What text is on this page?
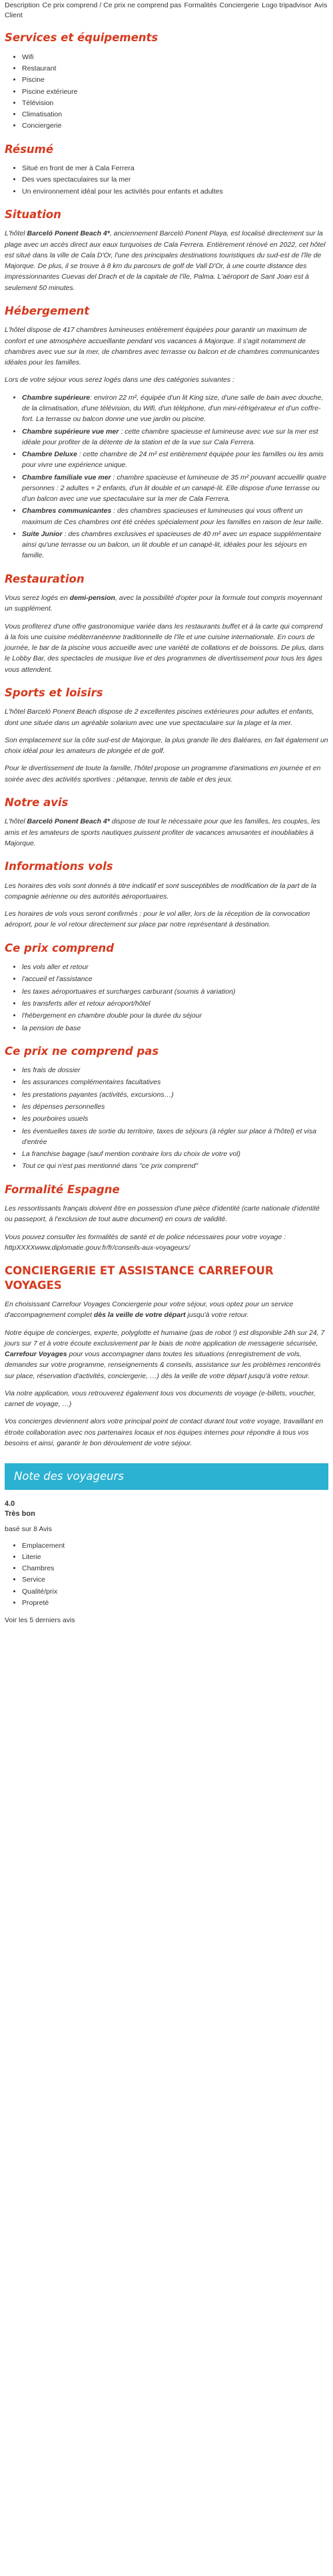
Description Ce prix comprend / Ce prix ne comprend pas Formalités Conciergerie Logo tripadvisor Avis Client
Services et équipements
• Wifi
• Restaurant
• Piscine
• Piscine extérieure
• Télévision
• Climatisation
• Conciergerie
Résumé
• Situé en front de mer à Cala Ferrera
• Des vues spectaculaires sur la mer
• Un environnement idéal pour les activités pour enfants et adultes
Situation

L'hôtel Barceló Ponent Beach 4*, anciennement Barceló Ponent Playa, est localisé directement sur la plage avec un accès direct aux eaux turquoises de Cala Ferrera. Entièrement rénové en 2022, cet hôtel est situé dans la ville de Cala D'Or, l'une des principales destinations touristiques du sud-est de l'île de Majorque. De plus, il se trouve à 8 km du parcours de golf de Vall D'Or, à une courte distance des impressionnantes Cuevas del Drach et de la capitale de l'île, Palma. L'aéroport de Sant Joan est à seulement 50 minutes.

Hébergement

L'hôtel dispose de 417 chambres lumineuses entièrement équipées pour garantir un maximum de confort et une atmosphère accueillante pendant vos vacances à Majorque. Il s'agit notamment de chambres avec vue sur la mer, de chambres avec terrasse ou balcon et de chambres communicantes idéales pour les familles.

Lors de votre séjour vous serez logés dans une des catégories suivantes :

• Chambre supérieure: environ 22 m², équipée d'un lit King size, d'une salle de bain avec douche, de la climatisation, d'une télévision, du Wifi, d'un téléphone, d'un mini-réfrigérateur et d'un coffre-fort. La terrasse ou balcon donne une vue jardin ou piscine.
• Chambre supérieure vue mer : cette chambre spacieuse et lumineuse avec vue sur la mer est idéale pour profiter de la détente de la station et de la vue sur Cala Ferrera.
• Chambre Deluxe : cette chambre de 24 m² est entièrement équipée pour les familles ou les amis pour vivre une expérience unique.
• Chambre familiale vue mer : chambre spacieuse et lumineuse de 35 m² pouvant accueillir quatre personnes : 2 adultes + 2 enfants, d'un lit double et un canapé-lit. Elle dispose d'une terrasse ou d'un balcon avec une vue spectaculaire sur la mer de Cala Ferrera.
• Chambres communicantes : des chambres spacieuses et lumineuses qui vous offrent un maximum de Ces chambres ont été créées spécialement pour les familles en raison de leur taille.
• Suite Junior : des chambres exclusives et spacieuses de 40 m² avec un espace supplémentaire ainsi qu'une terrasse ou un balcon, un lit double et un canapé-lit, idéales pour les séjours en famille.
Restauration

Vous serez logés en demi-pension, avec la possibilité d'opter pour la formule tout compris moyennant un supplément.

Vous profiterez d'une offre gastronomique variée dans les restaurants buffet et à la carte qui comprend à la fois une cuisine méditerranéenne traditionnelle de l'île et une cuisine internationale. En cours de journée, le bar de la piscine vous accueille avec une variété de collations et de boissons. De plus, dans le Lobby Bar, des spectacles de musique live et des programmes de divertissement pour tous les âges vous attendent.

Sports et loisirs

L'hôtel Barceló Ponent Beach dispose de 2 excellentes piscines extérieures pour adultes et enfants, dont une située dans un agréable solarium avec une vue spectaculaire sur la plage et la mer.

Son emplacement sur la côte sud-est de Majorque, la plus grande île des Baléares, en fait également un choix idéal pour les amateurs de plongée et de golf.

Pour le divertissement de toute la famille, l'hôtel propose un programme d'animations en journée et en soirée avec des activités sportives : pétanque, tennis de table et des jeux.

Notre avis

L'hôtel Barceló Ponent Beach 4* dispose de tout le nécessaire pour que les familles, les couples, les amis et les amateurs de sports nautiques puissent profiter de vacances amusantes et inoubliables à Majorque.

Informations vols

Les horaires des vols sont donnés à titre indicatif et sont susceptibles de modification de la part de la compagnie aérienne ou des autorités aéroportuaires.

Les horaires de vols vous seront confirmés : pour le vol aller, lors de la réception de la convocation aéroport, pour le vol retour directement sur place par notre représentant à destination.

Ce prix comprend
• les vols aller et retour
• l'accueil et l'assistance
• les taxes aéroportuaires et surcharges carburant (soumis à variation)
• les transferts aller et retour aéroport/hôtel
• l'hébergement en chambre double pour la durée du séjour
• la pension de base
Ce prix ne comprend pas
• les frais de dossier
• les assurances complémentaires facultatives
• les prestations payantes (activités, excursions…)
• les dépenses personnelles
• les pourboires usuels
• les éventuelles taxes de sortie du territoire, taxes de séjours (à régler sur place à l'hôtel) et visa d'entrée
• La franchise bagage (sauf mention contraire lors du choix de votre vol)
• Tout ce qui n'est pas mentionné dans "ce prix comprend"
Formalité Espagne

Les ressortissants français doivent être en possession d'une pièce d'identité (carte nationale d'identité ou passeport, à l'exclusion de tout autre document) en cours de validité.

Vous pouvez consulter les formalités de santé et de police nécessaires pour votre voyage : httpXXXXwww.diplomatie.gouv.fr/fr/conseils-aux-voyageurs/

CONCIERGERIE ET ASSISTANCE CARREFOUR VOYAGES

En choisissant Carrefour Voyages Conciergerie pour votre séjour, vous optez pour un service d'accompagnement complet dès la veille de votre départ jusqu'à votre retour.

Notre équipe de concierges, experte, polyglotte et humaine (pas de robot !) est disponible 24h sur 24, 7 jours sur 7 et à votre écoute exclusivement par le biais de notre application de messagerie sécurisée, Carrefour Voyages pour vous accompagner dans toutes les situations (enregistrement de vols, demandes sur votre programme, renseignements & conseils, assistance sur les problèmes rencontrés sur place, réservation d'activités, conciergerie, …) dès la veille de votre départ jusqu'à votre retour.

Via notre application, vous retrouverez également tous vos documents de voyage (e-billets, voucher, carnet de voyage, …)

Vos concierges deviennent alors votre principal point de contact durant tout votre voyage, travaillant en étroite collaboration avec nos partenaires locaux et nos équipes internes pour répondre à tous vos besoins et ainsi, garantir le bon déroulement de votre séjour.

Note des voyageurs
4.0
Très bon

basé sur 8 Avis

• Emplacement
• Literie
• Chambres
• Service
• Qualité/prix
• Propreté
Voir les 5 derniers avis
